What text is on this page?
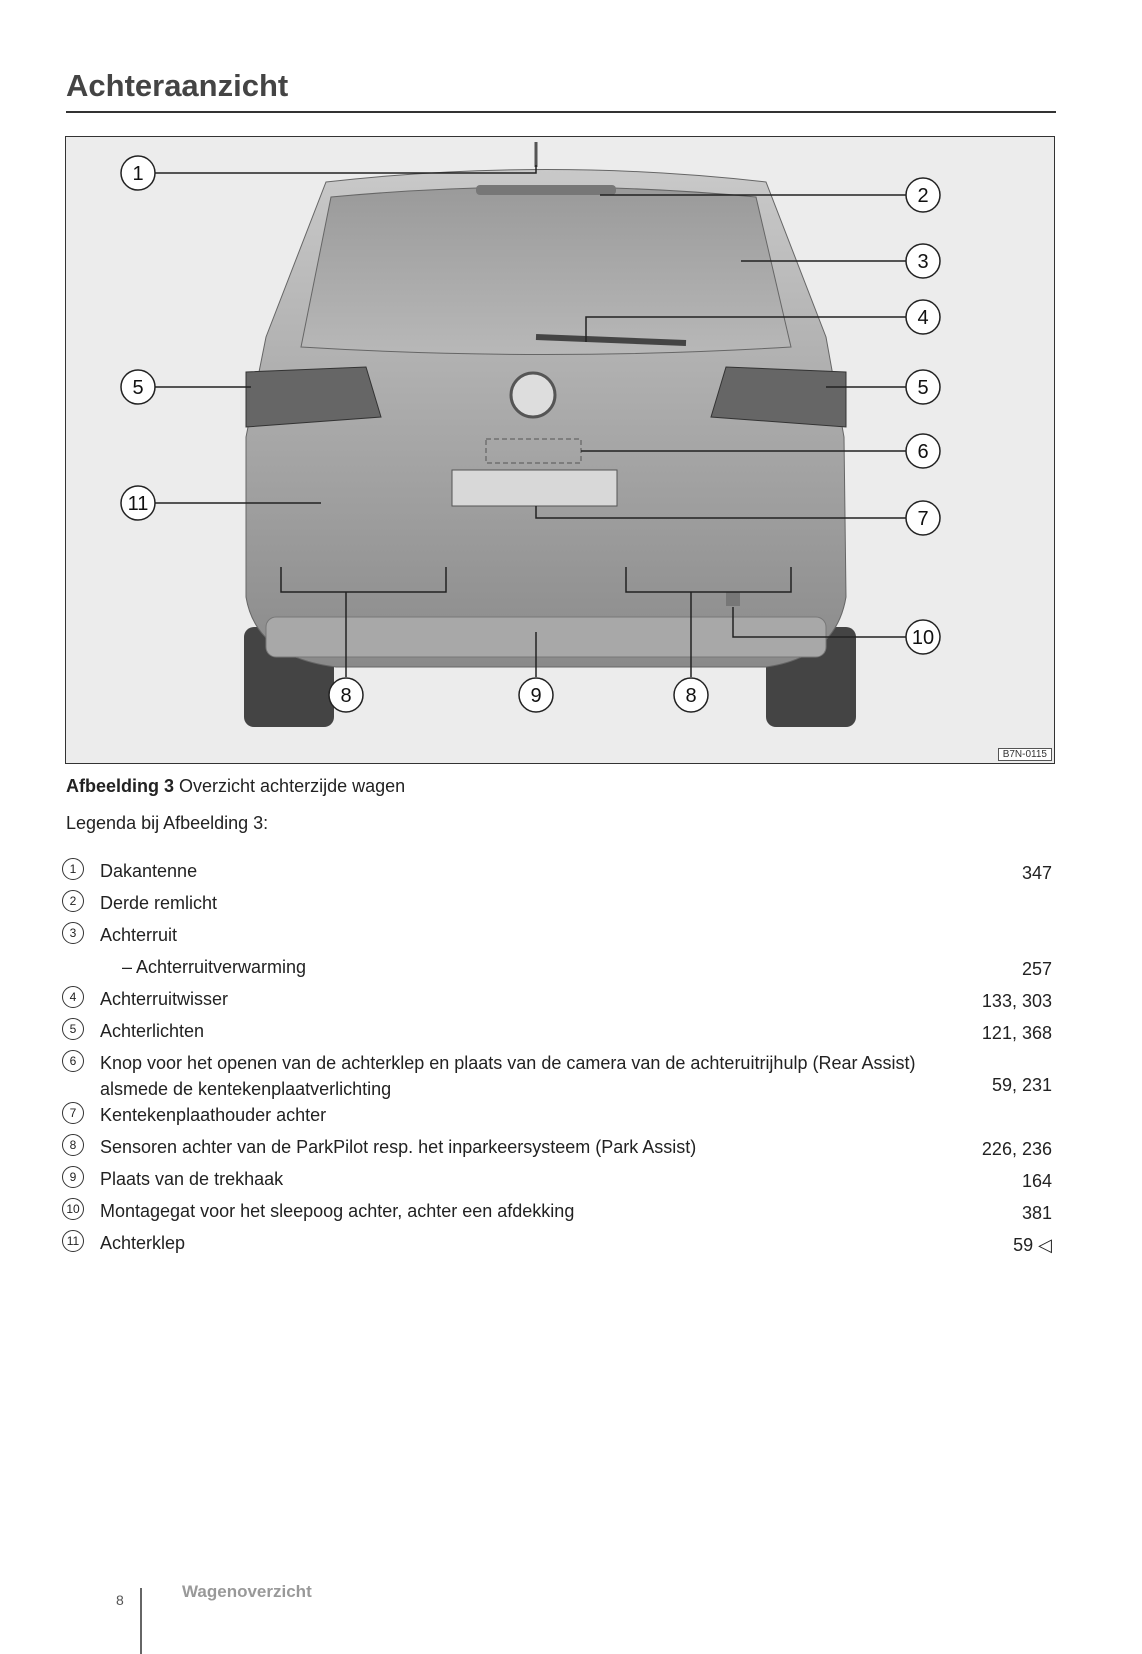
Achteraanzicht
1
2
3
4
5	5
6
7
11
8	9	8
10
B7N-0115
Afbeelding 3 Overzicht achterzijde wagen
Legenda bij Afbeelding 3:
1	Dakantenne	347
2	Derde remlicht
3	Achterruit
– Achterruitverwarming	257
4	Achterruitwisser	133, 303
5	Achterlichten	121, 368
6	Knop voor het openen van de achterklep en plaats van de camera van de achteruitrijhulp (Rear Assist) alsmede de kentekenplaatverlichting	59, 231
7	Kentekenplaathouder achter
8	Sensoren achter van de ParkPilot resp. het inparkeersysteem (Park Assist)	226, 236
9	Plaats van de trekhaak	164
10 Montagegat voor het sleepoog achter, achter een afdekking	381
11 Achterklep	59 ◁
8	Wagenoverzicht
